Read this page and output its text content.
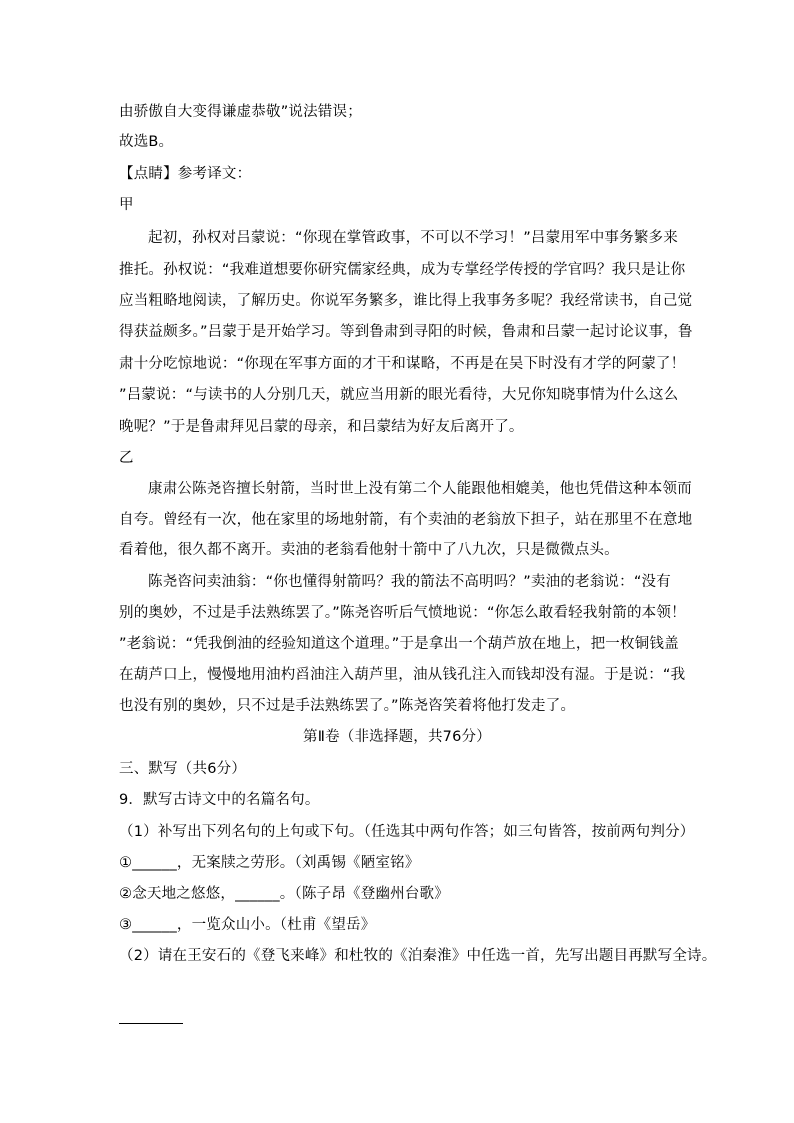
由骄傲自大变得谦虚恭敬”说法错误；
故选B。
【点睛】参考译文：
甲
起初，孙权对吕蒙说：“你现在掌管政事，不可以不学习！”吕蒙用军中事务繁多来
推托。孙权说：“我难道想要你研究儒家经典，成为专掌经学传授的学官吗？我只是让你
应当粗略地阅读，了解历史。你说军务繁多，谁比得上我事务多呢？我经常读书，自己觉
得获益颇多。”吕蒙于是开始学习。等到鲁肃到寻阳的时候，鲁肃和吕蒙一起讨论议事，鲁
肃十分吃惊地说：“你现在军事方面的才干和谋略，不再是在吴下时没有才学的阿蒙了！
”吕蒙说：“与读书的人分别几天，就应当用新的眼光看待，大兄你知晓事情为什么这么
晚呢？”于是鲁肃拜见吕蒙的母亲，和吕蒙结为好友后离开了。
乙
康肃公陈尧咨擅长射箭，当时世上没有第二个人能跟他相媲美，他也凭借这种本领而
自夸。曾经有一次，他在家里的场地射箭，有个卖油的老翁放下担子，站在那里不在意地
看着他，很久都不离开。卖油的老翁看他射十箭中了八九次，只是微微点头。
陈尧咨问卖油翁：“你也懂得射箭吗？我的箭法不高明吗？”卖油的老翁说：“没有
别的奥妙，不过是手法熟练罢了。”陈尧咨听后气愤地说：“你怎么敢看轻我射箭的本领！
”老翁说：“凭我倒油的经验知道这个道理。”于是拿出一个葫芦放在地上，把一枚铜钱盖
在葫芦口上，慢慢地用油杓舀油注入葫芦里，油从钱孔注入而钱却没有湿。于是说：“我
也没有别的奥妙，只不过是手法熟练罢了。”陈尧咨笑着将他打发走了。
第Ⅱ卷（非选择题，共76分）
三、默写（共6分）
9．默写古诗文中的名篇名句。
（1）补写出下列名句的上句或下句。（任选其中两句作答；如三句皆答，按前两句判分）
①______，无案牍之劳形。（刘禹锡《陋室铭》
②念天地之悠悠，______。（陈子昂《登幽州台歌》
③______，一览众山小。（杜甫《望岳》
（2）请在王安石的《登飞来峰》和杜牧的《泊秦淮》中任选一首，先写出题目再默写全诗。
